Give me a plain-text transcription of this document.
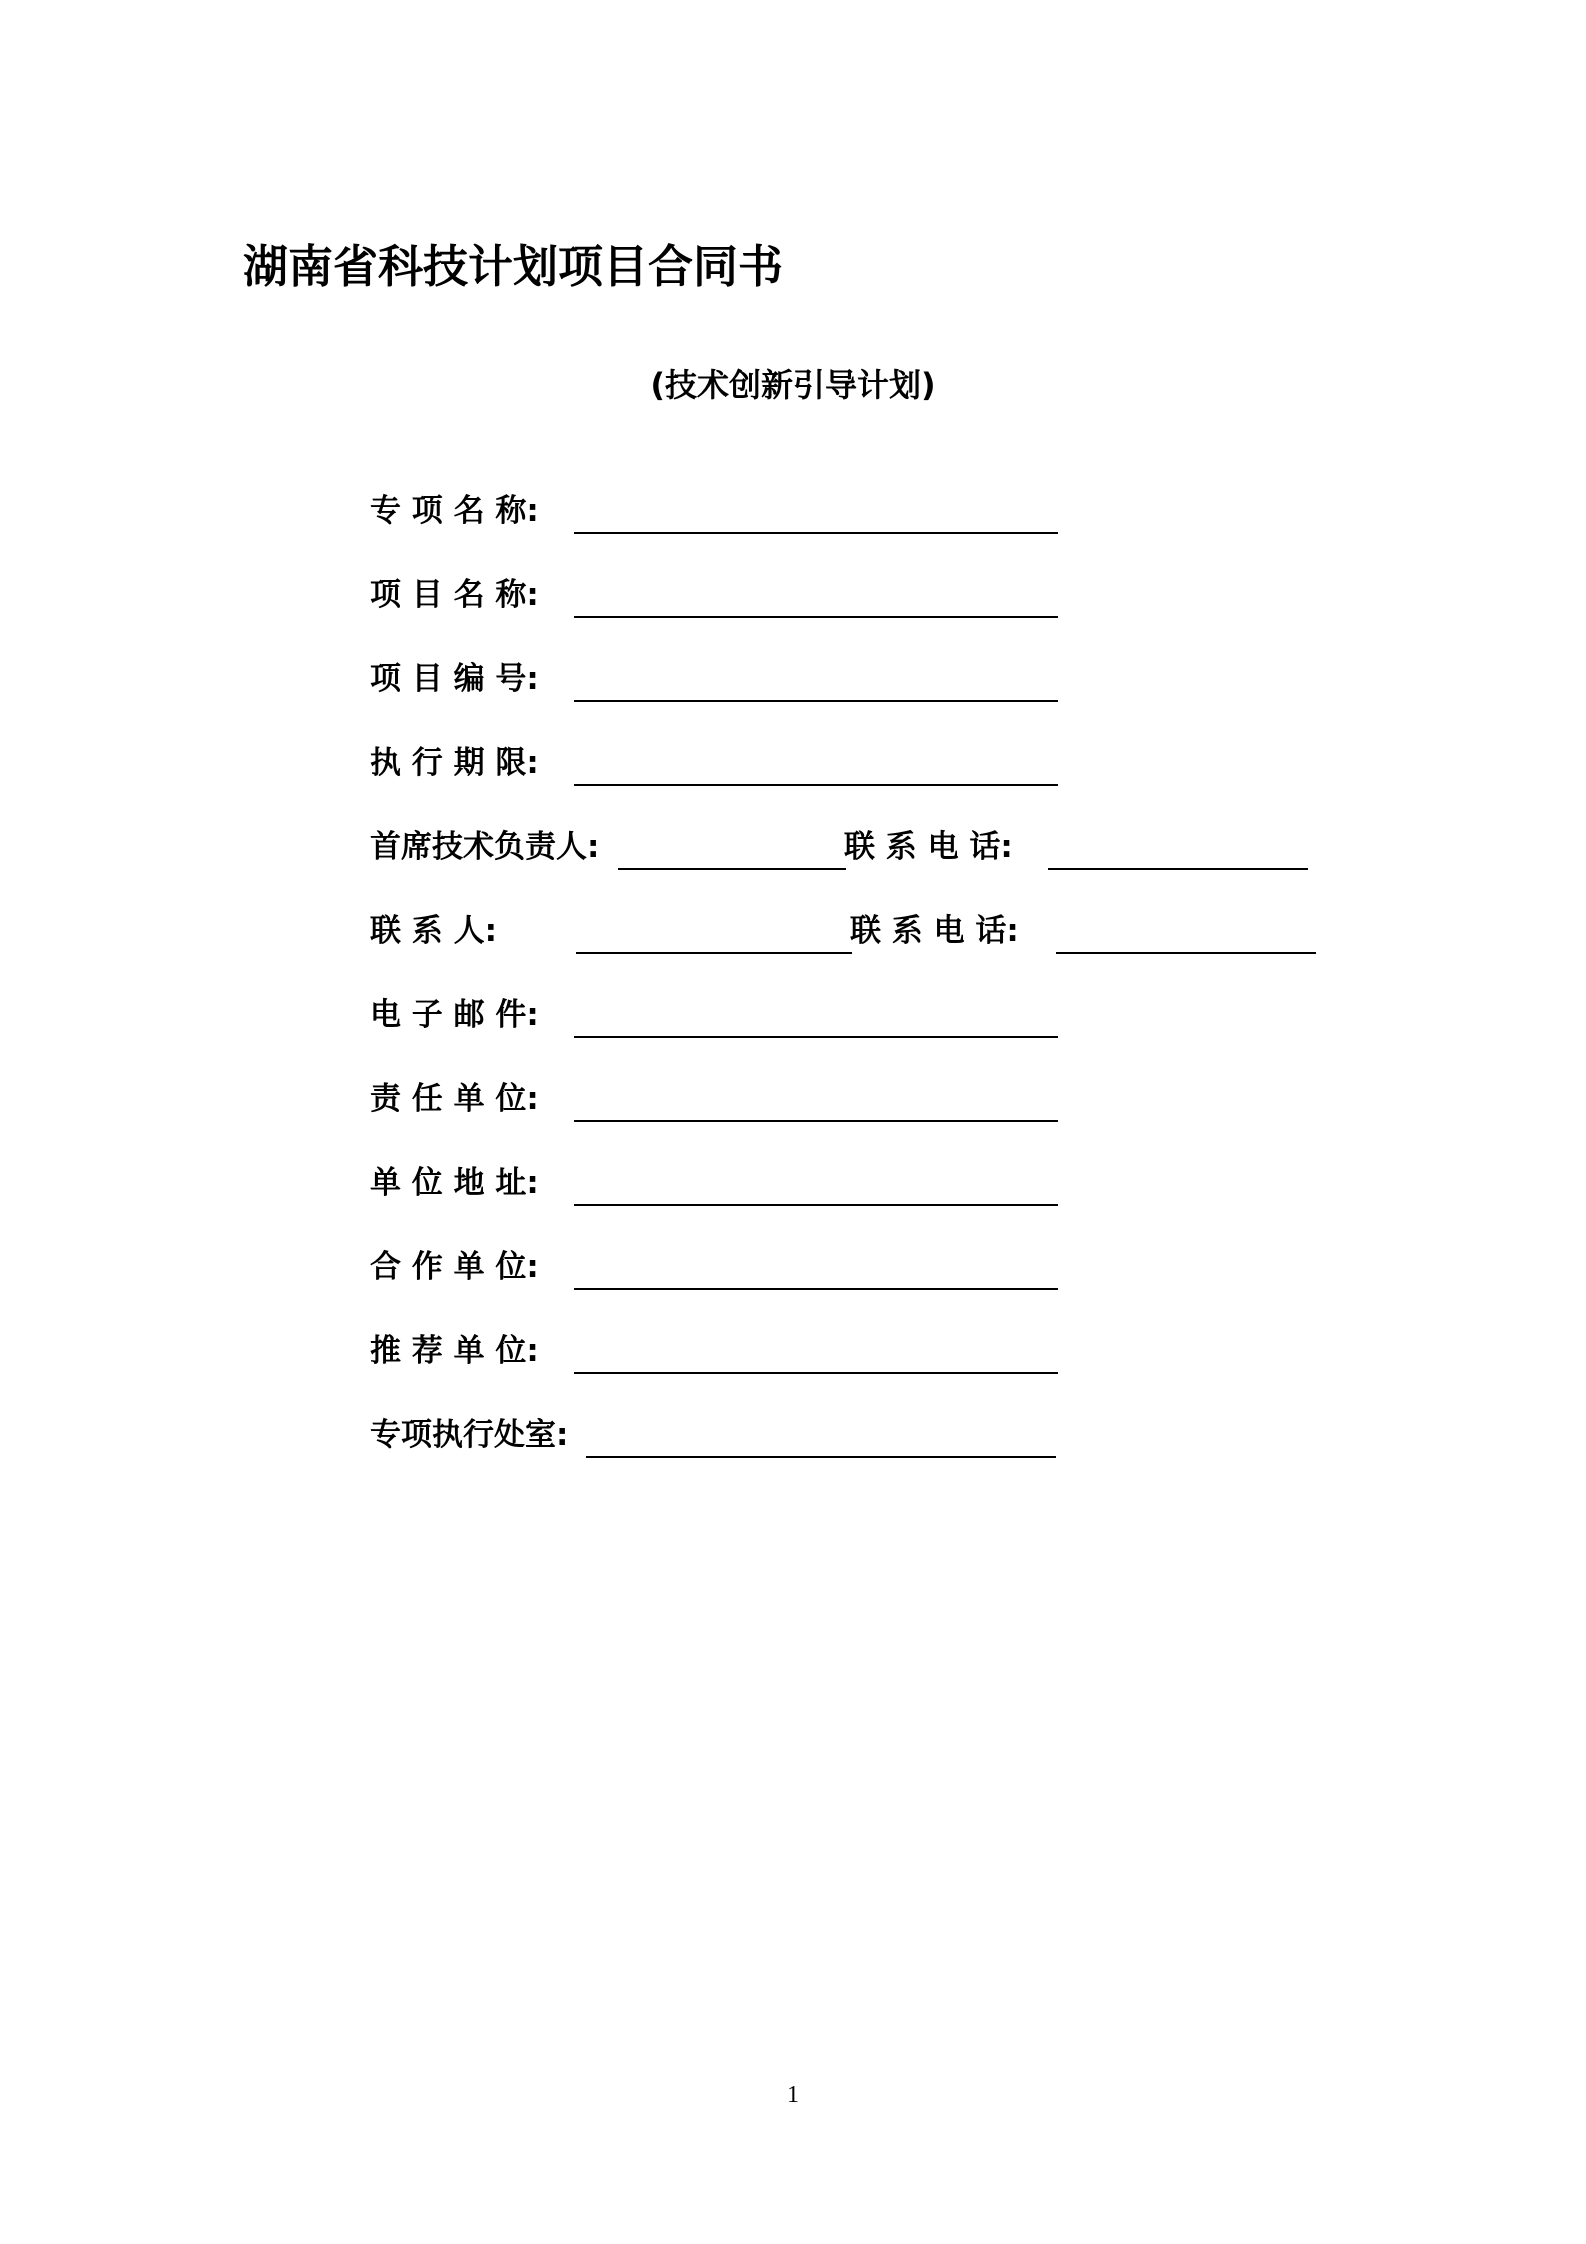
湖南省科技计划项目合同书
(技术创新引导计划)
专 项 名 称:
项 目 名 称:
项 目 编 号:
执 行 期 限:
首席技术负责人:	联 系 电 话:
联 系 人:	联 系 电 话:
电 子 邮 件:
责 任 单 位:
单 位 地 址:
合 作 单 位:
推 荐 单 位:
专项执行处室:
1
